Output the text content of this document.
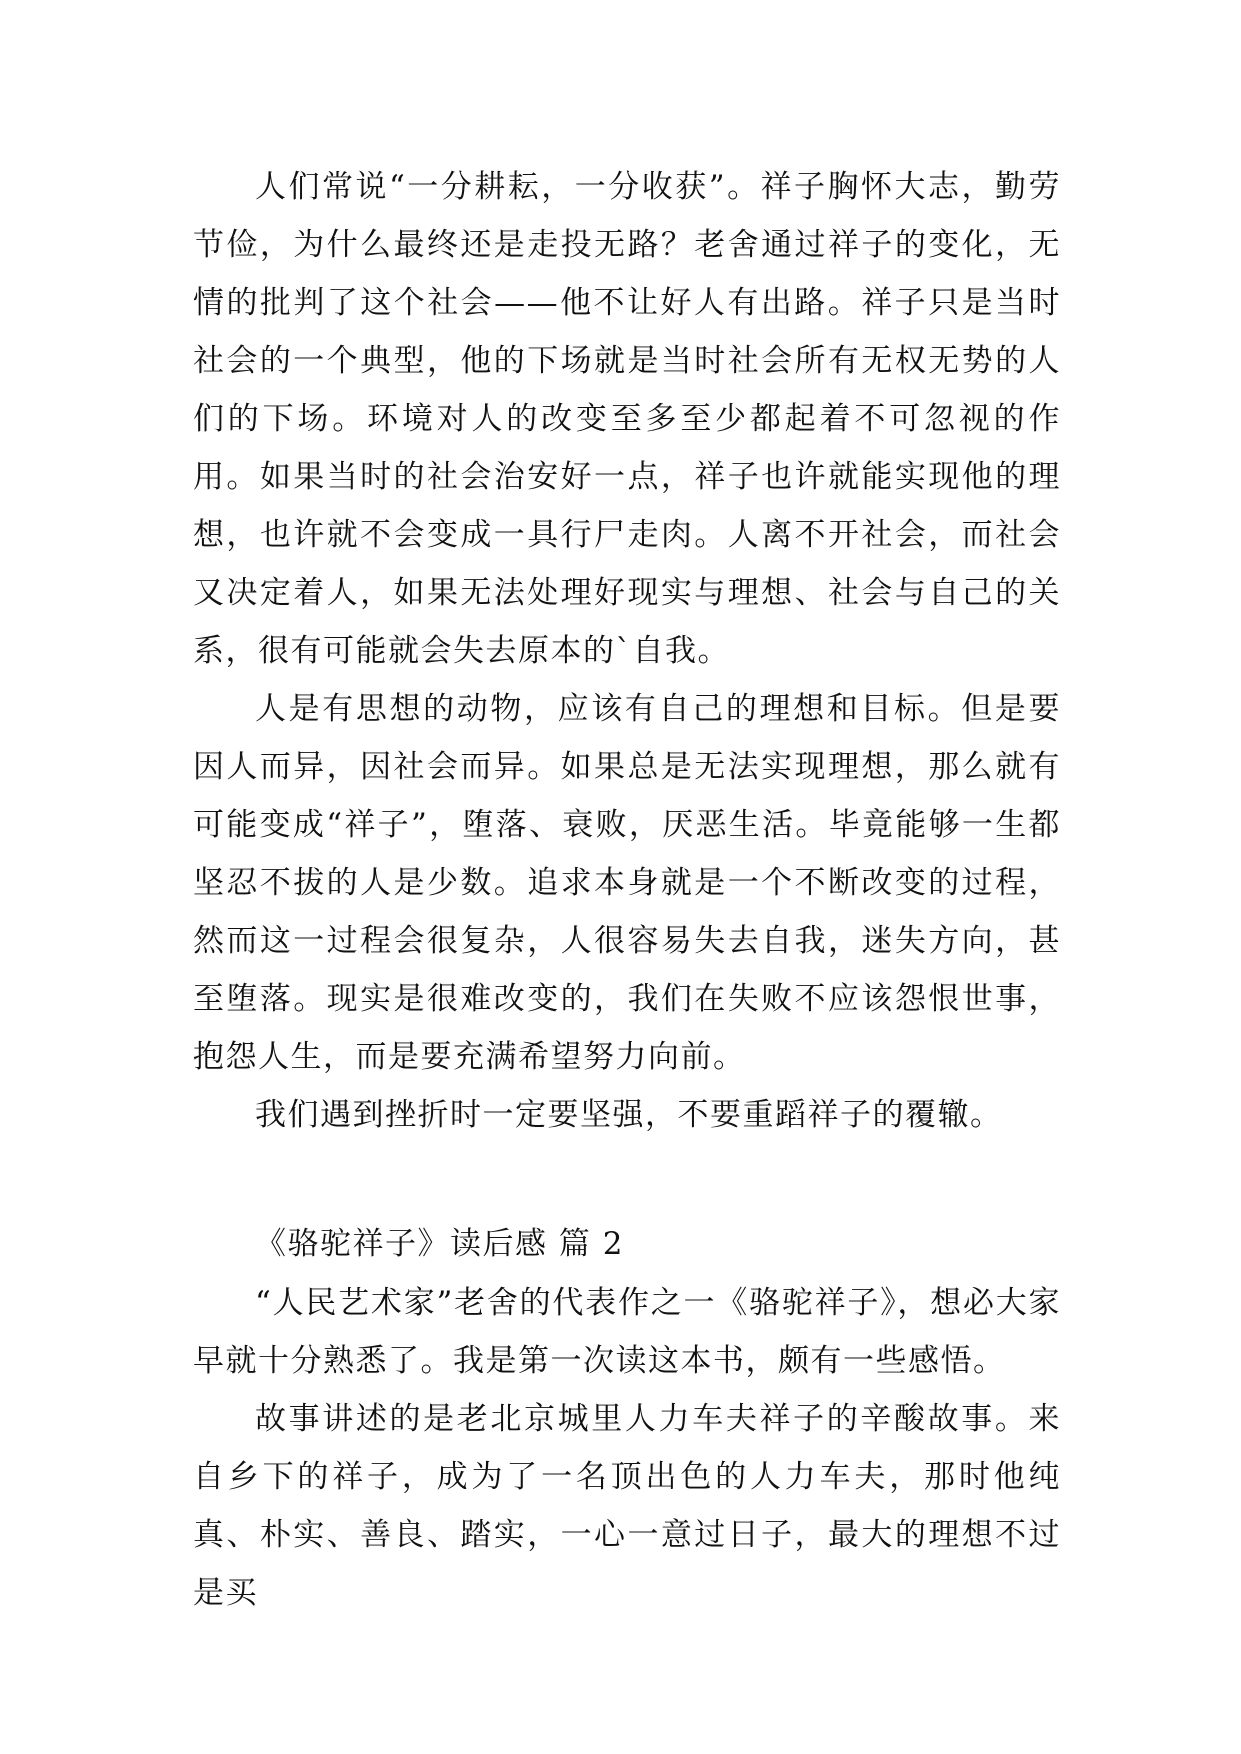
人们常说“一分耕耘，一分收获”。祥子胸怀大志，勤劳节俭，为什么最终还是走投无路？老舍通过祥子的变化，无情的批判了这个社会——他不让好人有出路。祥子只是当时社会的一个典型，他的下场就是当时社会所有无权无势的人们的下场。环境对人的改变至多至少都起着不可忽视的作用。如果当时的社会治安好一点，祥子也许就能实现他的理想，也许就不会变成一具行尸走肉。人离不开社会，而社会又决定着人，如果无法处理好现实与理想、社会与自己的关系，很有可能就会失去原本的`自我。

人是有思想的动物，应该有自己的理想和目标。但是要因人而异，因社会而异。如果总是无法实现理想，那么就有可能变成“祥子”，堕落、衰败，厌恶生活。毕竟能够一生都坚忍不拔的人是少数。追求本身就是一个不断改变的过程，然而这一过程会很复杂，人很容易失去自我，迷失方向，甚至堕落。现实是很难改变的，我们在失败不应该怨恨世事，抱怨人生，而是要充满希望努力向前。

我们遇到挫折时一定要坚强，不要重蹈祥子的覆辙。

《骆驼祥子》读后感 篇 2

“人民艺术家”老舍的代表作之一《骆驼祥子》，想必大家早就十分熟悉了。我是第一次读这本书，颇有一些感悟。

故事讲述的是老北京城里人力车夫祥子的辛酸故事。来自乡下的祥子，成为了一名顶出色的人力车夫，那时他纯真、朴实、善良、踏实，一心一意过日子，最大的理想不过是买
